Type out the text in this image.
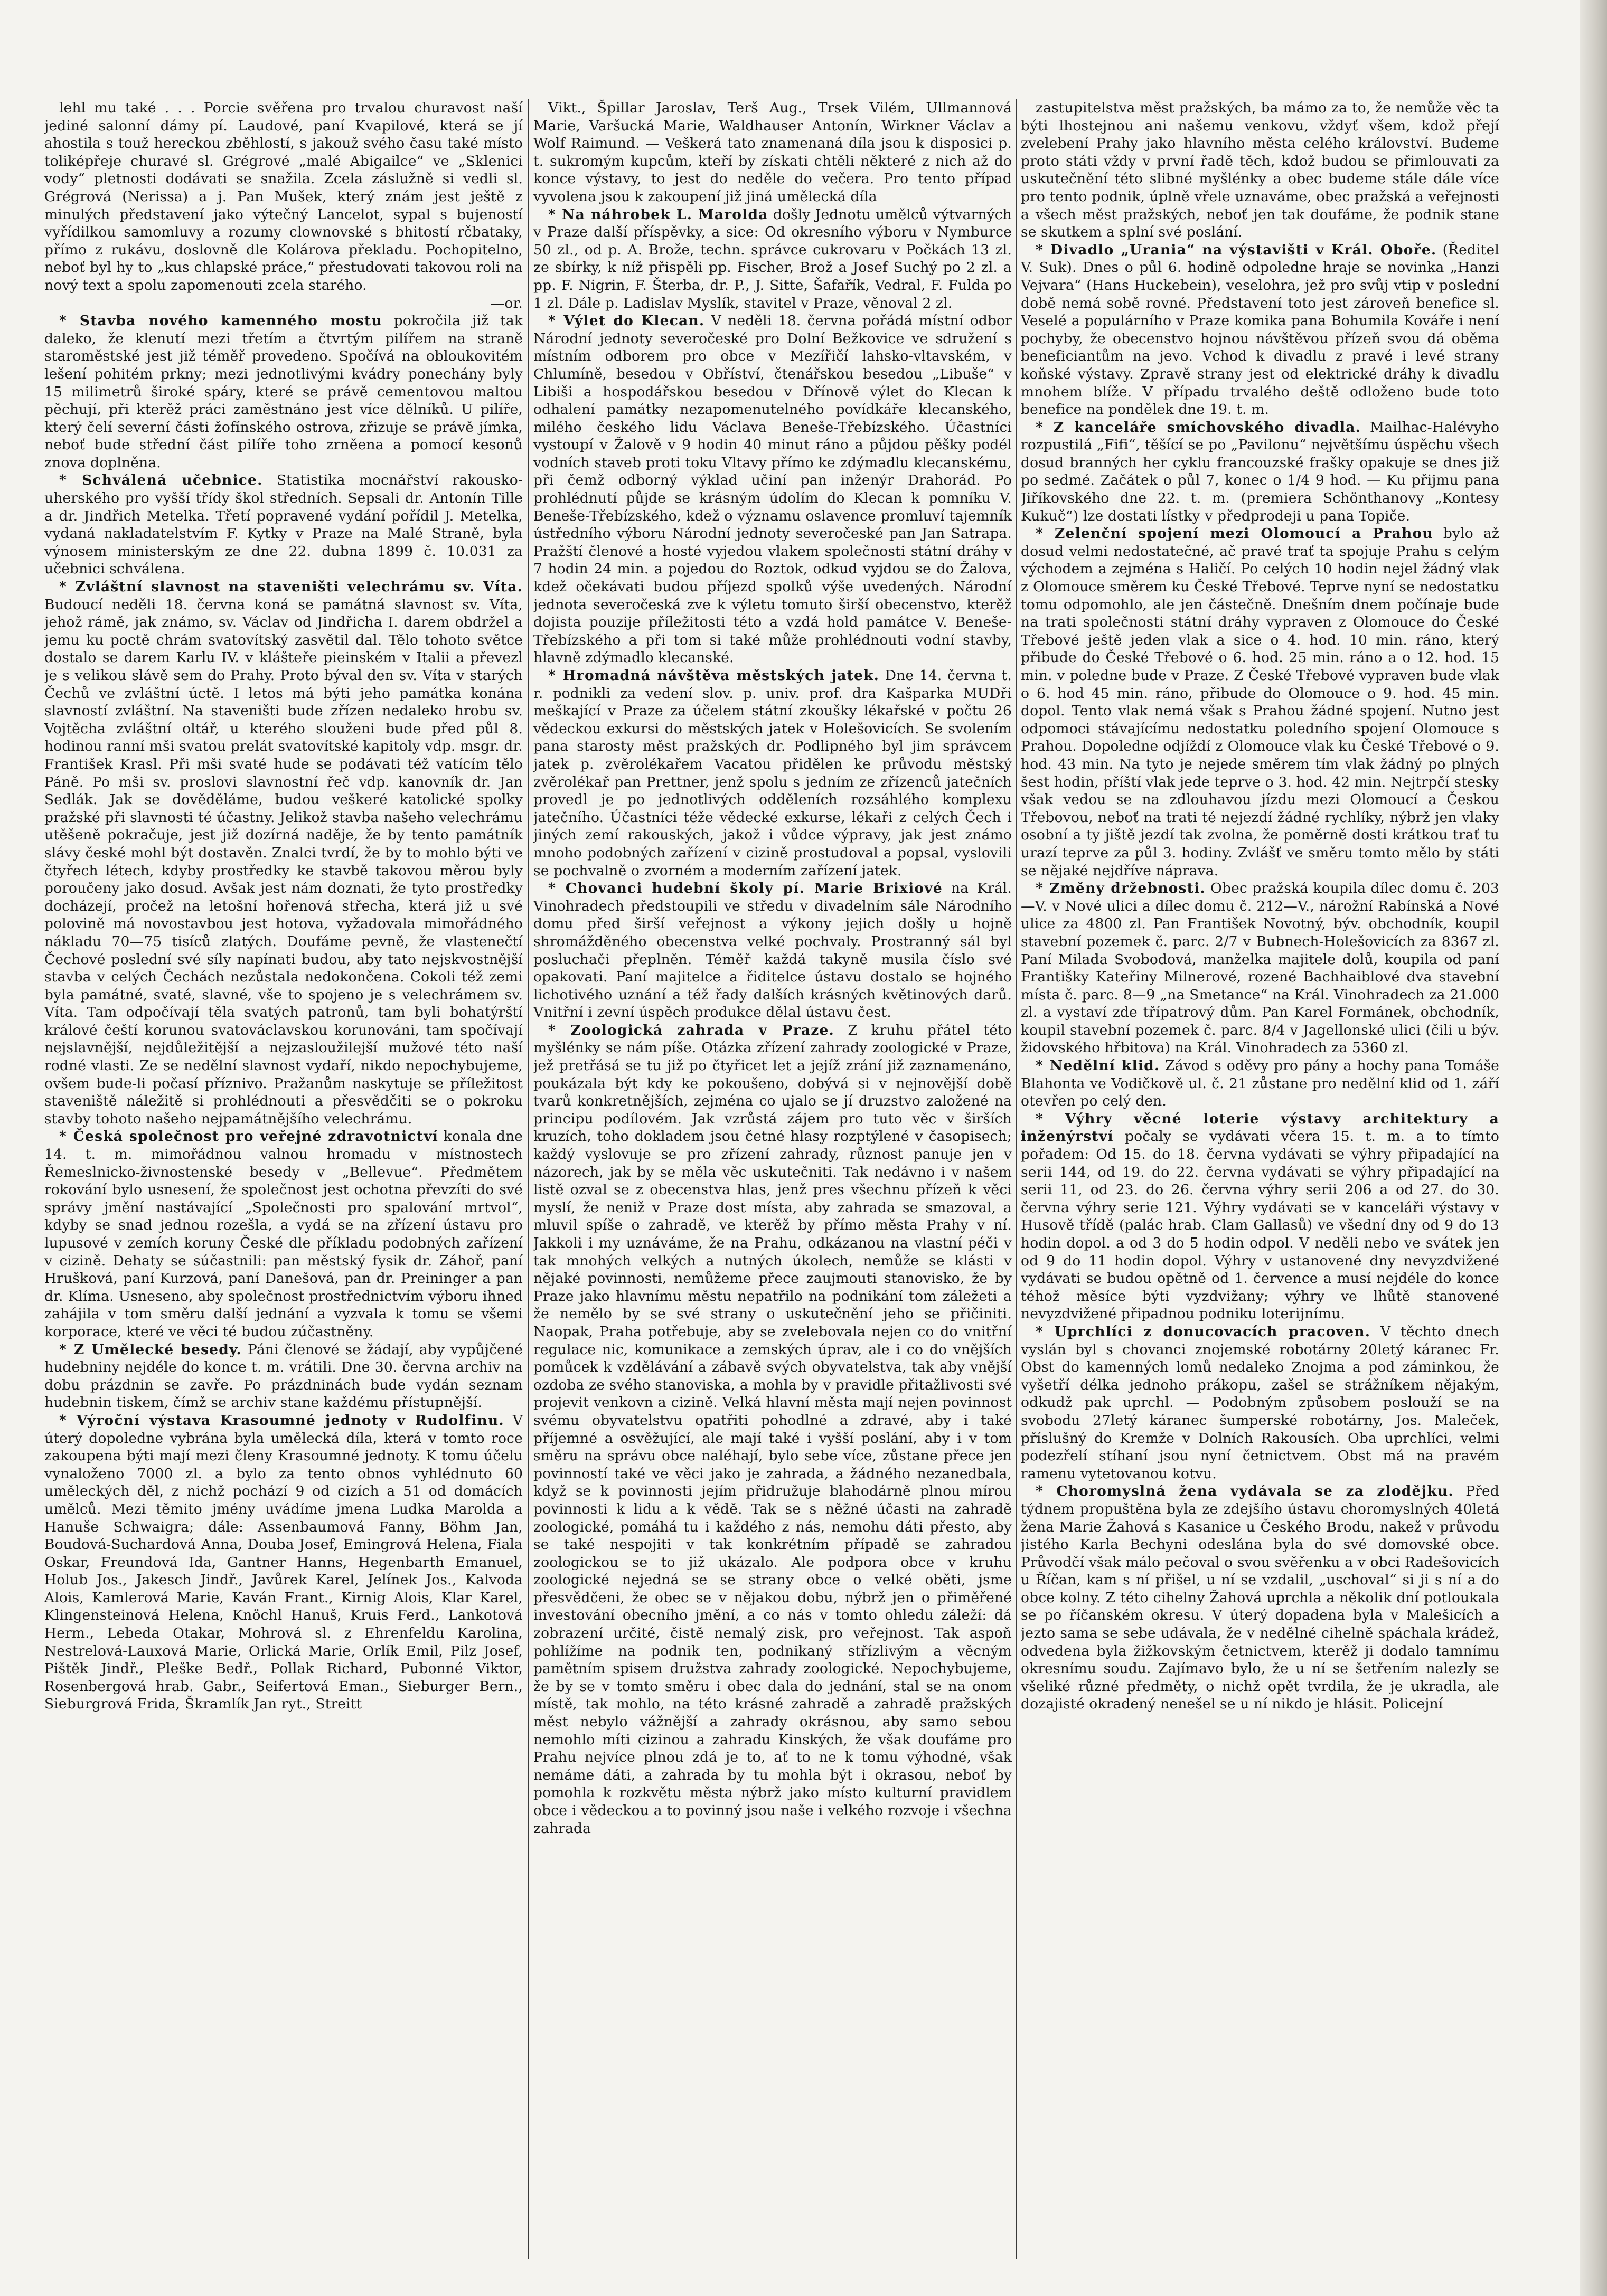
lehl mu také . . . Porcie svěřena pro trvalou churavost naší jediné salonní dámy pí. Laudové, paní Kvapilové, která se jí ahostila s touž hereckou zběhlostí, s jakouž svého času také místo toliképřeje churavé sl. Grégrové „malé Abigailce“ ve „Sklenici vody“ pletnosti dodávati se snažila. Zcela záslužně si vedli sl. Grégrová (Nerissa) a j. Pan Mušek, který znám jest ještě z minulých představení jako výtečný Lancelot, sypal s bujeností vyřídilkou samomluvy a rozumy clownovské s bhitostí rčbataky, přímo z rukávu, doslovně dle Kolárova překladu. Pochopitelno, neboť byl hy to „kus chlapské práce,“ přestudovati takovou roli na nový text a spolu zapomenouti zcela starého.

—or.

* Stavba nového kamenného mostu pokročila již tak daleko, že klenutí mezi třetím a čtvrtým pilířem na straně staroměstské jest již téměř provedeno. Spočívá na obloukovitém lešení pohitém prkny; mezi jednotlivými kvádry ponechány byly 15 milimetrů široké spáry, které se právě cementovou maltou pěchují, při kterěž práci zaměstnáno jest více dělníků. U pilíře, který čelí severní části žofínského ostrova, zřizuje se právě jímka, neboť bude střední část pilíře toho zrněena a pomocí kesonů znova doplněna.

* Schválená učebnice. Statistika mocnářství rakousko-uherského pro vyšší třídy škol středních. Sepsali dr. Antonín Tille a dr. Jindřich Metelka. Třetí popravené vydání pořídil J. Metelka, vydaná nakladatelstvím F. Kytky v Praze na Malé Straně, byla výnosem ministerským ze dne 22. dubna 1899 č. 10.031 za učebnici schválena.

* Zvláštní slavnost na staveništi velechrámu sv. Víta. Budoucí neděli 18. června koná se památná slavnost sv. Víta, jehož rámě, jak známo, sv. Václav od Jindřicha I. darem obdržel a jemu ku poctě chrám svatovítský zasvětil dal. Tělo tohoto světce dostalo se darem Karlu IV. v klášteře pieinském v Italii a převezl je s velikou slávě sem do Prahy. Proto býval den sv. Víta v starých Čechů ve zvláštní úctě. I letos má býti jeho památka konána slavností zvláštní. Na staveništi bude zřízen nedaleko hrobu sv. Vojtěcha zvláštní oltář, u kterého slouženi bude před půl 8. hodinou ranní mši svatou prelát svatovítské kapitoly vdp. msgr. dr. František Krasl. Při mši svaté hude se podávati též vatícím tělo Páně. Po mši sv. proslovi slavnostní řeč vdp. kanovník dr. Jan Sedlák. Jak se dověděláme, budou veškeré katolické spolky pražské při slavnosti té účastny. Jelikož stavba našeho velechrámu utěšeně pokračuje, jest již dozírná naděje, že by tento památník slávy české mohl být dostavěn. Znalci tvrdí, že by to mohlo býti ve čtyřech létech, kdyby prostředky ke stavbě takovou měrou byly poroučeny jako dosud. Avšak jest nám doznati, že tyto prostředky docházejí, pročež na letošní hořenová střecha, která již u své polovině má novostavbou jest hotova, vyžadovala mimořádného nákladu 70—75 tisíců zlatých. Doufáme pevně, že vlastenečtí Čechové poslední své síly napínati budou, aby tato nejskvostnější stavba v celých Čechách nezůstala nedokončena. Cokoli též zemi byla památné, svaté, slavné, vše to spojeno je s velechrámem sv. Víta. Tam odpočívají těla svatých patronů, tam byli bohatýrští králové čeští korunou svatováclavskou korunováni, tam spočívají nejslavnější, nejdůležitější a nejzasloužilejší mužové této naší rodné vlasti. Ze se nedělní slavnost vydaří, nikdo nepochybujeme, ovšem bude-li počasí příznivo. Pražanům naskytuje se příležitost staveniště náležitě si prohlédnouti a přesvědčiti se o pokroku stavby tohoto našeho nejpamátnějšího velechrámu.

* Česká společnost pro veřejné zdravotnictví konala dne 14. t. m. mimořádnou valnou hromadu v místnostech Řemeslnicko-živnostenské besedy v „Bellevue“. Předmětem rokování bylo usnesení, že společnost jest ochotna převzíti do své správy jmění nastávající „Společnosti pro spalování mrtvol“, kdyby se snad jednou rozešla, a vydá se na zřízení ústavu pro lupusové v zemích koruny České dle příkladu podobných zařízení v cizině. Dehaty se súčastnili: pan městský fysik dr. Záhoř, paní Hrušková, paní Kurzová, paní Danešová, pan dr. Preininger a pan dr. Klíma. Usneseno, aby společnost prostřednictvím výboru ihned zahájila v tom směru další jednání a vyzvala k tomu se všemi korporace, které ve věci té budou zúčastněny.

* Z Umělecké besedy. Páni členové se žádají, aby vypůjčené hudebniny nejdéle do konce t. m. vrátili. Dne 30. června archiv na dobu prázdnin se zavře. Po prázdninách bude vydán seznam hudebnin tiskem, čímž se archiv stane každému přístupnější.

* Výroční výstava Krasoumné jednoty v Rudolfinu. V úterý dopoledne vybrána byla umělecká díla, která v tomto roce zakoupena býti mají mezi členy Krasoumné jednoty. K tomu účelu vynaloženo 7000 zl. a bylo za tento obnos vyhlédnuto 60 uměleckých děl, z nichž pochází 9 od cizích a 51 od domácích umělců. Mezi těmito jmény uvádíme jmena Ludka Marolda a Hanuše Schwaigra; dále: Assenbaumová Fanny, Böhm Jan, Boudová-Suchardová Anna, Douba Josef, Emingrová Helena, Fiala Oskar, Freundová Ida, Gantner Hanns, Hegenbarth Emanuel, Holub Jos., Jakesch Jindř., Javůrek Karel, Jelínek Jos., Kalvoda Alois, Kamlerová Marie, Kaván Frant., Kirnig Alois, Klar Karel, Klingensteinová Helena, Knöchl Hanuš, Kruis Ferd., Lankotová Herm., Lebeda Otakar, Mohrová sl. z Ehrenfeldu Karolina, Nestrelová-Lauxová Marie, Orlická Marie, Orlík Emil, Pilz Josef, Pištěk Jindř., Pleške Bedř., Pollak Richard, Pubonné Viktor, Rosenbergová hrab. Gabr., Seifertová Eman., Sieburger Bern., Sieburgrová Frida, Škramlík Jan ryt., Streitt

Vikt., Špillar Jaroslav, Terš Aug., Trsek Vilém, Ullmannová Marie, Varšucká Marie, Waldhauser Antonín, Wirkner Václav a Wolf Raimund. — Veškerá tato znamenaná díla jsou k disposici p. t. sukromým kupcům, kteří by získati chtěli některé z nich až do konce výstavy, to jest do neděle do večera. Pro tento případ vyvolena jsou k zakoupení již jiná umělecká díla

* Na náhrobek L. Marolda došly Jednotu umělců výtvarných v Praze další příspěvky, a sice: Od okresního výboru v Nymburce 50 zl., od p. A. Brože, techn. správce cukrovaru v Počkách 13 zl. ze sbírky, k níž přispěli pp. Fischer, Brož a Josef Suchý po 2 zl. a pp. F. Nigrin, F. Šterba, dr. P., J. Sitte, Šafařík, Vedral, F. Fulda po 1 zl. Dále p. Ladislav Myslík, stavitel v Praze, věnoval 2 zl.

* Výlet do Klecan. V neděli 18. června pořádá místní odbor Národní jednoty severočeské pro Dolní Bežkovice ve sdružení s místním odborem pro obce v Mezířičí lahsko-vltavském, v Chlumíně, besedou v Obříství, čtenářskou besedou „Libuše“ v Libiši a hospodářskou besedou v Dřínově výlet do Klecan k odhalení památky nezapomenutelného povídkáře klecanského, milého českého lidu Václava Beneše-Třebízského. Účastníci vystoupí v Žalově v 9 hodin 40 minut ráno a půjdou pěšky podél vodních staveb proti toku Vltavy přímo ke zdýmadlu klecanskému, při čemž odborný výklad učiní pan inženýr Drahorád. Po prohlédnutí půjde se krásným údolím do Klecan k pomníku V. Beneše-Třebízského, kdež o významu oslavence promluví tajemník ústředního výboru Národní jednoty severočeské pan Jan Satrapa. Pražští členové a hosté vyjedou vlakem společnosti státní dráhy v 7 hodin 24 min. a pojedou do Roztok, odkud vyjdou se do Žalova, kdež očekávati budou příjezd spolků výše uvedených. Národní jednota severočeská zve k výletu tomuto širší obecenstvo, kterěž dojista pouzije příležitosti této a vzdá hold památce V. Beneše-Třebízského a při tom si také může prohlédnouti vodní stavby, hlavně zdýmadlo klecanské.

* Hromadná návštěva městských jatek. Dne 14. června t. r. podnikli za vedení slov. p. univ. prof. dra Kašparka MUDři meškající v Praze za účelem státní zkoušky lékařské v počtu 26 vědeckou exkursi do městských jatek v Holešovicích. Se svolením pana starosty měst pražských dr. Podlipného byl jim správcem jatek p. zvěrolékařem Vacatou přidělen ke průvodu městský zvěrolékař pan Prettner, jenž spolu s jedním ze zřízenců jatečních provedl je po jednotlivých odděleních rozsáhlého komplexu jatečního. Účastníci téže vědecké exkurse, lékaři z celých Čech i jiných zemí rakouských, jakož i vůdce výpravy, jak jest známo mnoho podobných zařízení v cizině prostudoval a popsal, vyslovili se pochvalně o zvorném a moderním zařízení jatek.

* Chovanci hudební školy pí. Marie Brixiové na Král. Vinohradech předstoupili ve středu v divadelním sále Národního domu před širší veřejnost a výkony jejich došly u hojně shromážděného obecenstva velké pochvaly. Prostranný sál byl posluchači přeplněn. Téměř každá takyně musila číslo své opakovati. Paní majitelce a řiditelce ústavu dostalo se hojného lichotivého uznání a též řady dalších krásných květinových darů. Vnitřní i zevní úspěch produkce dělal ústavu čest.

* Zoologická zahrada v Praze. Z kruhu přátel této myšlénky se nám píše. Otázka zřízení zahrady zoologické v Praze, jež pretřásá se tu již po čtyřicet let a jejíž zrání již zaznamenáno, poukázala být kdy ke pokoušeno, dobývá si v nejnovější době tvarů konkretnějších, zejména co ujalo se jí druzstvo založené na principu podílovém. Jak vzrůstá zájem pro tuto věc v širších kruzích, toho dokladem jsou četné hlasy rozptýlené v časopisech; každý vyslovuje se pro zřízení zahrady, různost panuje jen v názorech, jak by se měla věc uskutečniti. Tak nedávno i v našem listě ozval se z obecenstva hlas, jenž pres všechnu přízeň k věci myslí, že neniž v Praze dost místa, aby zahrada se smazoval, a mluvil spíše o zahradě, ve kterěž by přímo města Prahy v ní. Jakkoli i my uznáváme, že na Prahu, odkázanou na vlastní péči v tak mnohých velkých a nutných úkolech, nemůže se klásti v nějaké povinnosti, nemůžeme přece zaujmouti stanovisko, že by Praze jako hlavnímu městu nepatřilo na podnikání tom záležeti a že nemělo by se své strany o uskutečnění jeho se přičiniti. Naopak, Praha potřebuje, aby se zvelebovala nejen co do vnitřní regulace nic, komunikace a zemských úprav, ale i co do vnějších pomůcek k vzdělávání a zábavě svých obyvatelstva, tak aby vnější ozdoba ze svého stanoviska, a mohla by v pravidle přitažlivosti své projevit venkovn a cizině. Velká hlavní města mají nejen povinnost svému obyvatelstvu opatřiti pohodlné a zdravé, aby i také příjemné a osvěžující, ale mají také i vyšší poslání, aby i v tom směru na správu obce naléhají, bylo sebe více, zůstane přece jen povinností také ve věci jako je zahrada, a žádného nezanedbala, když se k povinnosti jejím přidružuje blahodárně plnou mírou povinnosti k lidu a k vědě. Tak se s něžné účasti na zahradě zoologické, pomáhá tu i každého z nás, nemohu dáti přesto, aby se také nespojiti v tak konkrétním případě se zahradou zoologickou se to již ukázalo. Ale podpora obce v kruhu zoologické nejedná se se strany obce o velké oběti, jsme přesvědčeni, že obec se v nějakou dobu, nýbrž jen o přiměřené investování obecního jmění, a co nás v tomto ohledu záleží: dá zobrazení určité, čistě nemalý zisk, pro veřejnost. Tak aspoň pohlížíme na podnik ten, podnikaný střízlivým a věcným pamětním spisem družstva zahrady zoologické. Nepochybujeme, že by se v tomto směru i obec dala do jednání, stal se na onom místě, tak mohlo, na této krásné zahradě a zahradě pražských měst nebylo vážnější a zahrady okrásnou, aby samo sebou nemohlo míti cizinou a zahradu Kinských, že však doufáme pro Prahu nejvíce plnou zdá je to, ať to ne k tomu výhodné, však nemáme dáti, a zahrada by tu mohla být i okrasou, neboť by pomohla k rozkvětu města nýbrž jako místo kulturní pravidlem obce i vědeckou a to povinný jsou naše i velkého rozvoje i všechna zahrada

zastupitelstva měst pražských, ba mámo za to, že nemůže věc ta býti lhostejnou ani našemu venkovu, vždyť všem, kdož přejí zvelebení Prahy jako hlavního města celého království. Budeme proto státi vždy v první řadě těch, kdož budou se přimlouvati za uskutečnění této slibné myšlénky a obec budeme stále dále více pro tento podnik, úplně vřele uznaváme, obec pražská a veřejnosti a všech měst pražských, neboť jen tak doufáme, že podnik stane se skutkem a splní své poslání.

* Divadlo „Urania“ na výstavišti v Král. Oboře. (Ředitel V. Suk). Dnes o půl 6. hodině odpoledne hraje se novinka „Hanzi Vejvara“ (Hans Huckebein), veselohra, jež pro svůj vtip v poslední době nemá sobě rovné. Představení toto jest zároveň benefice sl. Veselé a populárního v Praze komika pana Bohumila Kováře i není pochyby, že obecenstvo hojnou návštěvou přízeň svou dá oběma beneficiantům na jevo. Vchod k divadlu z pravé i levé strany koňské výstavy. Zpravě strany jest od elektrické dráhy k divadlu mnohem blíže. V případu trvalého deště odloženo bude toto benefice na pondělek dne 19. t. m.

* Z kanceláře smíchovského divadla. Mailhac-Halévyho rozpustilá „Fifi“, těšící se po „Pavilonu“ největšímu úspěchu všech dosud branných her cyklu francouzské frašky opakuje se dnes již po sedmé. Začátek o půl 7, konec o 1/4 9 hod. — Ku přijmu pana Jiříkovského dne 22. t. m. (premiera Schönthanovy „Kontesy Kukuč“) lze dostati lístky v předprodeji u pana Topiče.

* Zelenční spojení mezi Olomoucí a Prahou bylo až dosud velmi nedostatečné, ač pravé trať ta spojuje Prahu s celým východem a zejména s Haličí. Po celých 10 hodin nejel žádný vlak z Olomouce směrem ku České Třebové. Teprve nyní se nedostatku tomu odpomohlo, ale jen částečně. Dnešním dnem počínaje bude na trati společnosti státní dráhy vypraven z Olomouce do České Třebové ještě jeden vlak a sice o 4. hod. 10 min. ráno, který přibude do České Třebové o 6. hod. 25 min. ráno a o 12. hod. 15 min. v poledne bude v Praze. Z České Třebové vypraven bude vlak o 6. hod 45 min. ráno, přibude do Olomouce o 9. hod. 45 min. dopol. Tento vlak nemá však s Prahou žádné spojení. Nutno jest odpomoci stávajícímu nedostatku poledního spojení Olomouce s Prahou. Dopoledne odjíždí z Olomouce vlak ku České Třebové o 9. hod. 43 min. Na tyto je nejede směrem tím vlak žádný po plných šest hodin, příští vlak jede teprve o 3. hod. 42 min. Nejtrpčí stesky však vedou se na zdlouhavou jízdu mezi Olomoucí a Českou Třebovou, neboť na trati té nejezdí žádné rychlíky, nýbrž jen vlaky osobní a ty jiště jezdí tak zvolna, že poměrně dosti krátkou trať tu urazí teprve za půl 3. hodiny. Zvlášť ve směru tomto mělo by státi se nějaké nejdříve náprava.

* Změny držebnosti. Obec pražská koupila dílec domu č. 203—V. v Nové ulici a dílec domu č. 212—V., nárožní Rabínská a Nové ulice za 4800 zl. Pan František Novotný, býv. obchodník, koupil stavební pozemek č. parc. 2/7 v Bubnech-Holešovicích za 8367 zl. Paní Milada Svobodová, manželka majitele dolů, koupila od paní Františky Kateřiny Milnerové, rozené Bachhaiblové dva stavební místa č. parc. 8—9 „na Smetance“ na Král. Vinohradech za 21.000 zl. a vystaví zde třípatrový dům. Pan Karel Formánek, obchodník, koupil stavební pozemek č. parc. 8/4 v Jagellonské ulici (čili u býv. židovského hřbitova) na Král. Vinohradech za 5360 zl.

* Nedělní klid. Závod s oděvy pro pány a hochy pana Tomáše Blahonta ve Vodičkově ul. č. 21 zůstane pro nedělní klid od 1. září otevřen po celý den.

* Výhry věcné loterie výstavy architektury a inženýrství počaly se vydávati včera 15. t. m. a to tímto pořadem: Od 15. do 18. června vydávati se výhry připadající na serii 144, od 19. do 22. června vydávati se výhry připadající na serii 11, od 23. do 26. června výhry serii 206 a od 27. do 30. června výhry serie 121. Výhry vydávati se v kanceláři výstavy v Husově třídě (palác hrab. Clam Gallasů) ve všední dny od 9 do 13 hodin dopol. a od 3 do 5 hodin odpol. V neděli nebo ve svátek jen od 9 do 11 hodin dopol. Výhry v ustanovené dny nevyzdvižené vydávati se budou opětně od 1. července a musí nejdéle do konce téhož měsíce býti vyzdvižany; výhry ve lhůtě stanovené nevyzdvižené připadnou podniku loterijnímu.

* Uprchlíci z donucovacích pracoven. V těchto dnech vyslán byl s chovanci znojemské robotárny 20letý káranec Fr. Obst do kamenných lomů nedaleko Znojma a pod záminkou, že vyšetří délka jednoho prákopu, zašel se strážníkem nějakým, odkudž pak uprchl. — Podobným způsobem poslouží se na svobodu 27letý káranec šumperské robotárny, Jos. Maleček, příslušný do Kremže v Dolních Rakousích. Oba uprchlíci, velmi podezřelí stíhaní jsou nyní četnictvem. Obst má na pravém ramenu vytetovanou kotvu.

* Choromyslná žena vydávala se za zlodějku. Před týdnem propuštěna byla ze zdejšího ústavu choromyslných 40letá žena Marie Žahová s Kasanice u Českého Brodu, nakež v průvodu jistého Karla Bechyni odeslána byla do své domovské obce. Průvodčí však málo pečoval o svou svěřenku a v obci Radešovicích u Říčan, kam s ní přišel, u ní se vzdalil, „uschoval“ si ji s ní a do obce kolny. Z této cihelny Žahová uprchla a několik dní potloukala se po říčanském okresu. V úterý dopadena byla v Malešicích a jezto sama se sebe udávala, že v nedělné cihelně spáchala krádež, odvedena byla žižkovským četnictvem, kterěž ji dodalo tamnímu okresnímu soudu. Zajímavo bylo, že u ní se šetřením nalezly se všeliké různé předměty, o nichž opět tvrdila, že je ukradla, ale dozajisté okradený nenešel se u ní nikdo je hlásit. Policejní
